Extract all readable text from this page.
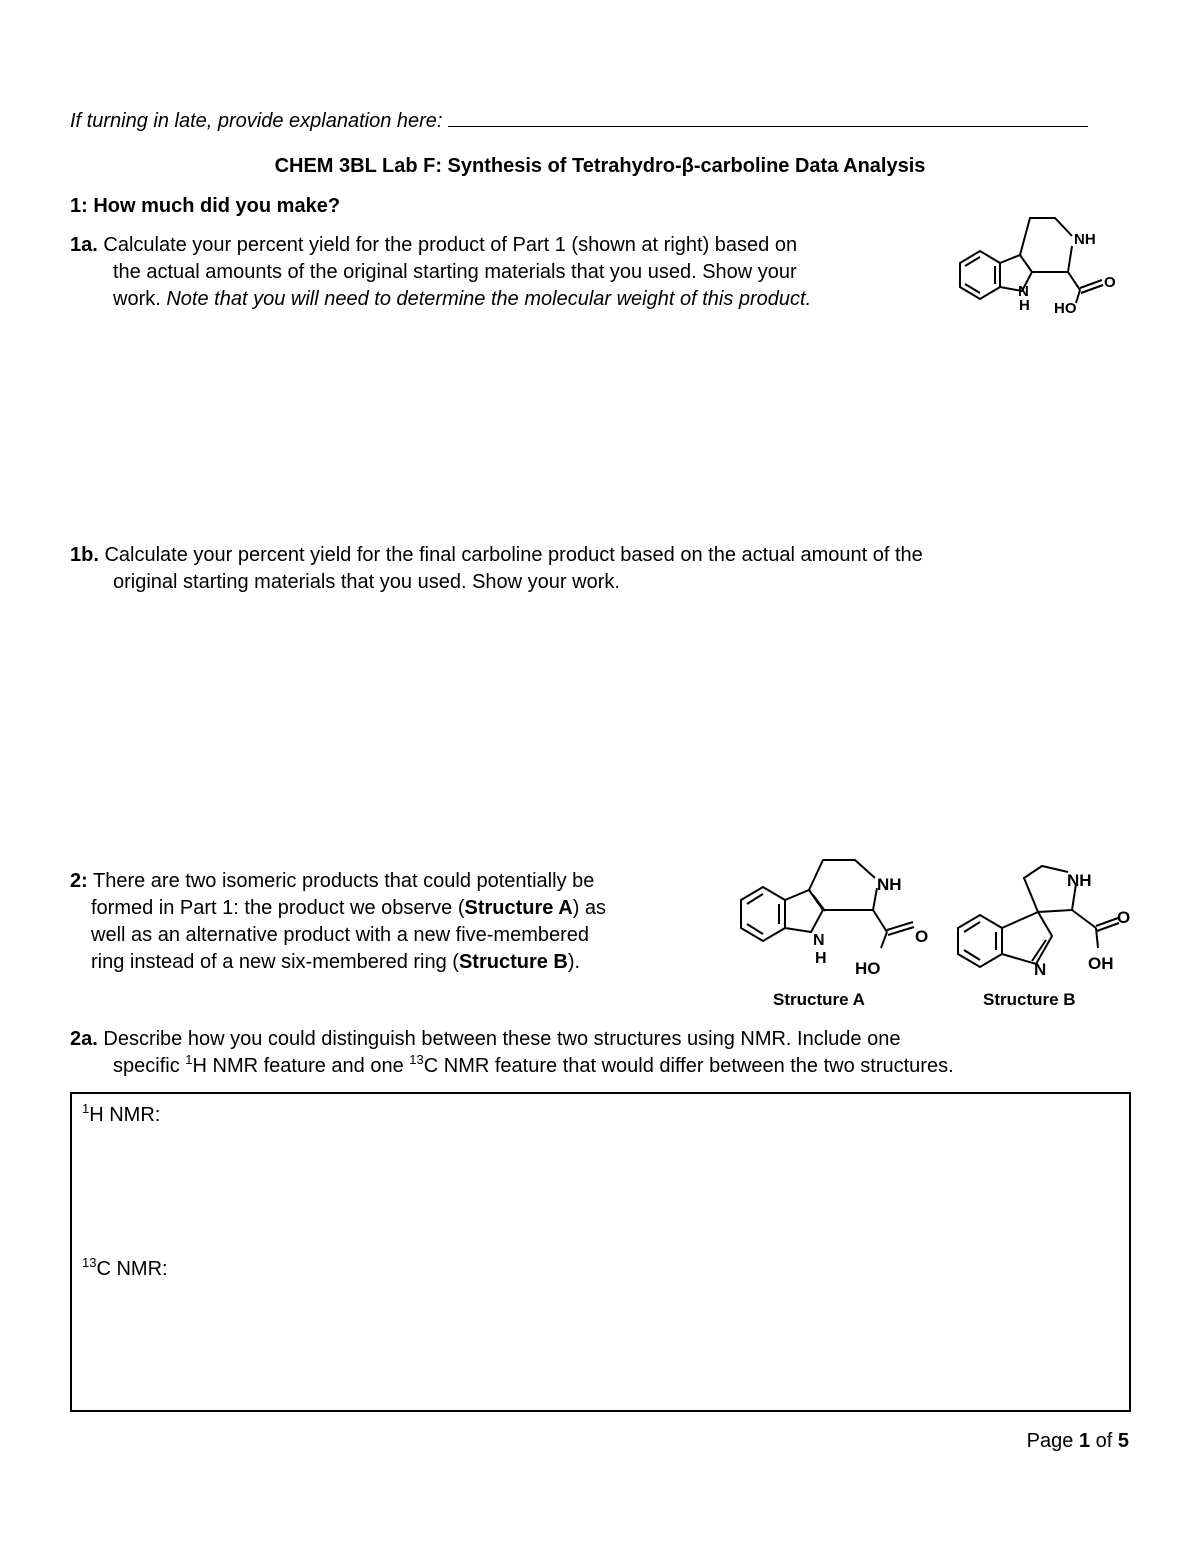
If turning in late, provide explanation here:
CHEM 3BL Lab F: Synthesis of Tetrahydro-β-carboline Data Analysis
1: How much did you make?
1a. Calculate your percent yield for the product of Part 1 (shown at right) based on
the actual amounts of the original starting materials that you used. Show your
work. Note that you will need to determine the molecular weight of this product.
NH
N
H
O
HO
1b. Calculate your percent yield for the final carboline product based on the actual amount of the
original starting materials that you used. Show your work.
2: There are two isomeric products that could potentially be
formed in Part 1: the product we observe (Structure A) as
well as an alternative product with a new five-membered
ring instead of a new six-membered ring (Structure B).
NH
N
H
O
HO
Structure A
NH
N
O
OH
Structure B
2a. Describe how you could distinguish between these two structures using NMR. Include one
specific $^1$H NMR feature and one $^{13}$C NMR feature that would differ between the two structures.
$^1$H NMR:
$^{13}$C NMR:
Page 1 of 5
